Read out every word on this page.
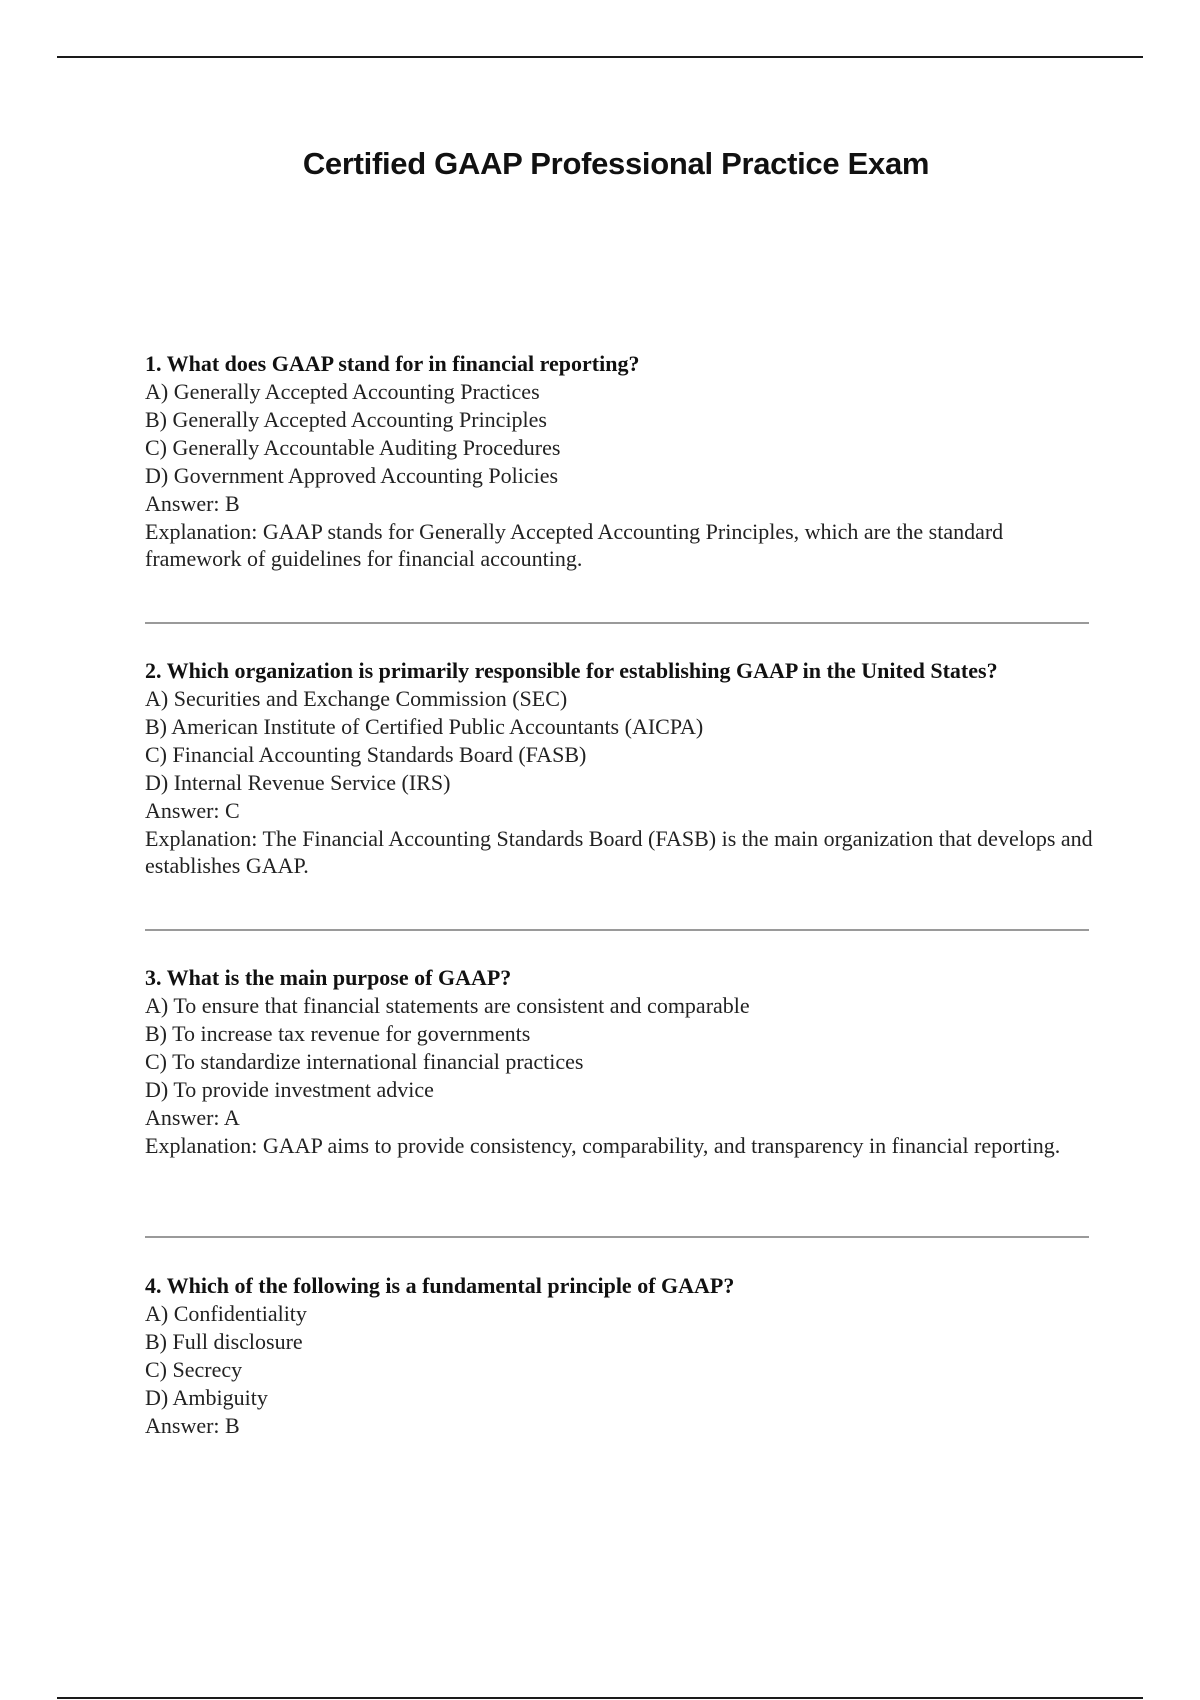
Certified GAAP Professional Practice Exam

1. What does GAAP stand for in financial reporting?

A) Generally Accepted Accounting Practices

B) Generally Accepted Accounting Principles

C) Generally Accountable Auditing Procedures

D) Government Approved Accounting Policies

Answer: B

Explanation: GAAP stands for Generally Accepted Accounting Principles, which are the standard framework of guidelines for financial accounting.

2. Which organization is primarily responsible for establishing GAAP in the United States?

A) Securities and Exchange Commission (SEC)

B) American Institute of Certified Public Accountants (AICPA)

C) Financial Accounting Standards Board (FASB)

D) Internal Revenue Service (IRS)

Answer: C

Explanation: The Financial Accounting Standards Board (FASB) is the main organization that develops and establishes GAAP.

3. What is the main purpose of GAAP?

A) To ensure that financial statements are consistent and comparable

B) To increase tax revenue for governments

C) To standardize international financial practices

D) To provide investment advice

Answer: A

Explanation: GAAP aims to provide consistency, comparability, and transparency in financial reporting.

4. Which of the following is a fundamental principle of GAAP?

A) Confidentiality

B) Full disclosure

C) Secrecy

D) Ambiguity

Answer: B
